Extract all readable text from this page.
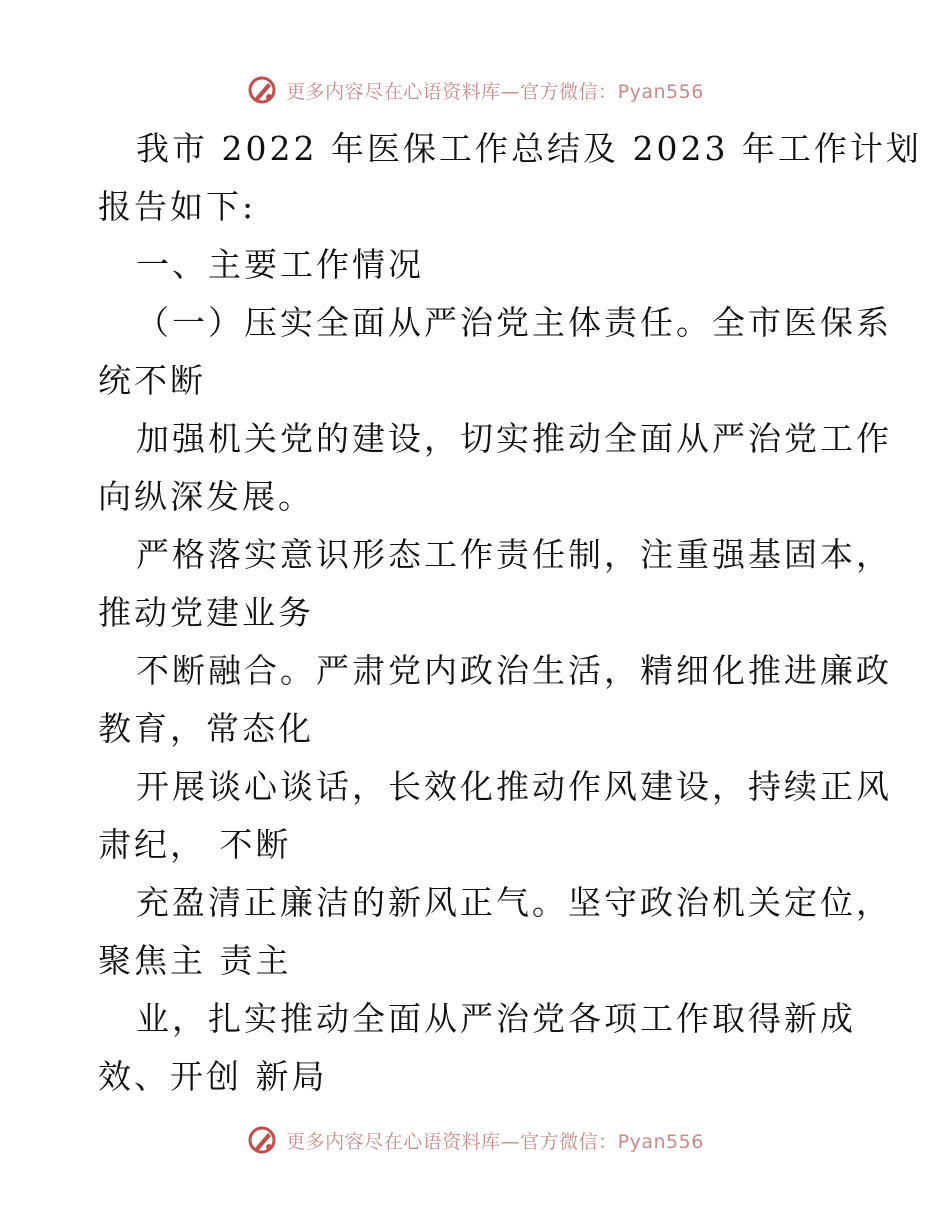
更多内容尽在心语资料库—官方微信：Pyan556
我市 2022 年医保工作总结及 2023 年工作计划
报告如下:
一、主要工作情况
（一）压实全面从严治党主体责任。全市医保系
统不断
加强机关党的建设，切实推动全面从严治党工作
向纵深发展。
严格落实意识形态工作责任制，注重强基固本，
推动党建业务
不断融合。严肃党内政治生活，精细化推进廉政
教育，常态化
开展谈心谈话，长效化推动作风建设，持续正风
肃纪， 不断
充盈清正廉洁的新风正气。坚守政治机关定位，
聚焦主 责主
业，扎实推动全面从严治党各项工作取得新成
效、开创 新局
更多内容尽在心语资料库—官方微信：Pyan556
